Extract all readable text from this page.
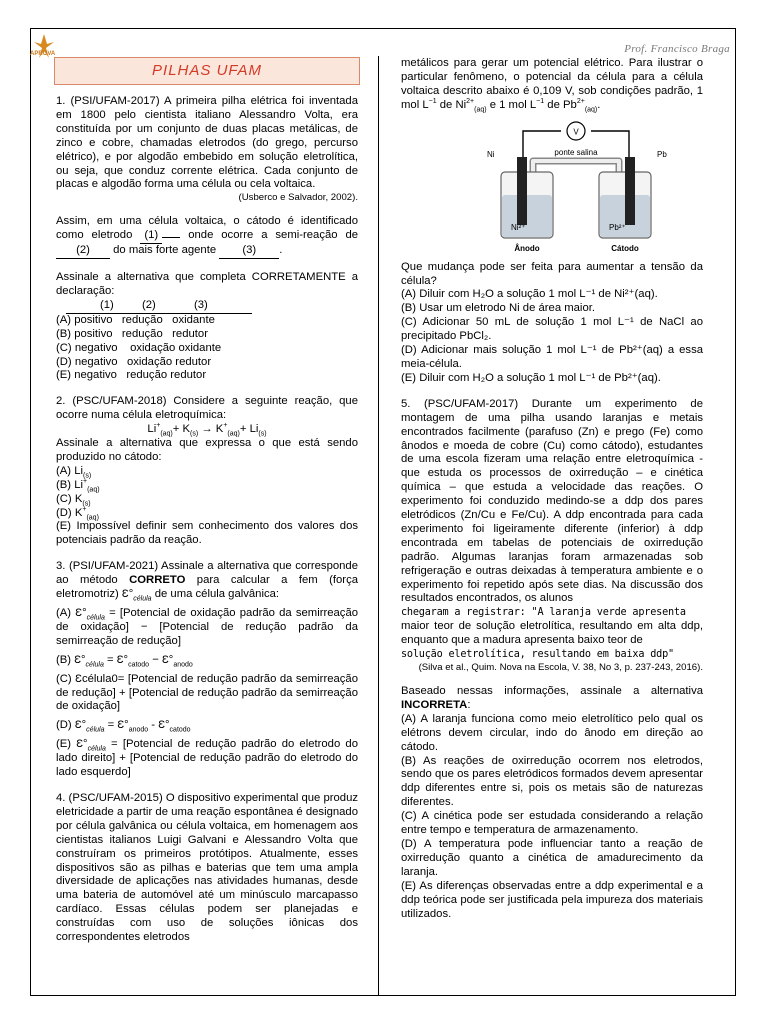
APROVA	Prof. Francisco Braga
PILHAS UFAM

1. (PSI/UFAM-2017) A primeira pilha elétrica foi inventada em 1800 pelo cientista italiano Alessandro Volta, era constituída por um conjunto de duas placas metálicas, de zinco e cobre, chamadas eletrodos (do grego, percurso elétrico), e por algodão embebido em solução eletrolítica, ou seja, que conduz corrente elétrica. Cada conjunto de placas e algodão forma uma célula ou cela voltaica.

(Usberco e Salvador, 2002).

Assim, em uma célula voltaica, o cátodo é identificado como eletrodo (1)	onde ocorre a semi-reação de(2) do mais forte agente (3) .

Assinale a alternativa que completa CORRETAMENTE a declaração:

(1) (2)	(3)
(A) positivo   redução   oxidante
(B) positivo   redução   redutor
(C) negativo    oxidação oxidante
(D) negativo   oxidação redutor
(E) negativo   redução redutor

2. (PSC/UFAM-2018) Considere a seguinte reação, que ocorre numa célula eletroquímica:

$Li^+_{(aq)}+ K_{(s)} \to K^+_{(aq)}+ Li_{(s)}$

Assinale a alternativa que expressa o que está sendo produzido no cátodo:

(A) $Li_{(s)}$
(B) $Li^+_{(aq)}$
(C) $K_{(s)}$
(D) $K^+_{(aq)}$

(E) Impossível definir sem conhecimento dos valores dos potenciais padrão da reação.

3. (PSI/UFAM-2021) Assinale a alternativa que corresponde ao método CORRETO para calcular a fem (força eletromotriz) $Ɛ^\circ_{célula}$ de uma célula galvânica:

(A) $Ɛ^\circ_{célula}$ = [Potencial de oxidação padrão da semirreação de oxidação] − [Potencial de redução padrão da semirreação de redução]

(B) $Ɛ^\circ_{célula}$ = $Ɛ^\circ_{catodo}$ − $Ɛ^\circ_{anodo}$

(C) Ɛcélula0= [Potencial de redução padrão da semirreação de redução] + [Potencial de redução padrão da semirreação de oxidação]

(D) $Ɛ^\circ_{célula}$ = $Ɛ^\circ_{anodo}$ - $Ɛ^\circ_{catodo}$

(E) $Ɛ^\circ_{célula}$ = [Potencial de redução padrão do eletrodo do lado direito] + [Potencial de redução padrão do eletrodo do lado esquerdo]

4. (PSC/UFAM-2015) O dispositivo experimental que produz eletricidade a partir de uma reação espontânea é designado por célula galvânica ou célula voltaica, em homenagem aos cientistas italianos Luigi Galvani e Alessandro Volta que construíram os primeiros protótipos. Atualmente, esses dispositivos são as pilhas e baterias que tem uma ampla diversidade de aplicações nas atividades humanas, desde uma bateria de automóvel até um minúsculo marcapasso cardíaco. Essas células podem ser planejadas e construídas com uso de soluções iônicas dos correspondentes eletrodos

metálicos para gerar um potencial elétrico. Para ilustrar o particular fenômeno, o potencial da célula para a célula voltaica descrito abaixo é 0,109 V, sob condições padrão, 1 mol $L^{-1}$ de $Ni^{2+}_{(aq)}$ e 1 mol $L^{-1}$ de $Pb^{2+}_{(aq)}$.

V
ponte salina
Ni	Pb
Ni²⁺	Pb²⁺
Ânodo	Cátodo

Que mudança pode ser feita para aumentar a tensão da célula?

(A) Diluir com H₂O a solução 1 mol L⁻¹ de Ni²⁺(aq).

(B) Usar um eletrodo Ni de área maior.

(C) Adicionar 50 mL de solução 1 mol L⁻¹ de NaCl ao precipitado PbCl₂.

(D) Adicionar mais solução 1 mol L⁻¹ de Pb²⁺(aq) a essa meia-célula.

(E) Diluir com H₂O a solução 1 mol L⁻¹ de Pb²⁺(aq).

5. (PSC/UFAM-2017) Durante um experimento de montagem de uma pilha usando laranjas e metais encontrados facilmente (parafuso (Zn) e prego (Fe) como ânodos e moeda de cobre (Cu) como cátodo), estudantes de uma escola fizeram uma relação entre eletroquímica - que estuda os processos de oxirredução – e cinética química – que estuda a velocidade das reações. O experimento foi conduzido medindo-se a ddp dos pares eletródicos (Zn/Cu e Fe/Cu). A ddp encontrada para cada experimento foi ligeiramente diferente (inferior) à ddp encontrada em tabelas de potenciais de oxirredução padrão. Algumas laranjas foram armazenadas sob refrigeração e outras deixadas à temperatura ambiente e o experimento foi repetido após sete dias. Na discussão dos resultados encontrados, os alunos

chegaram a registrar: "A laranja verde apresenta

maior teor de solução eletrolítica, resultando em alta ddp, enquanto que a madura apresenta baixo teor de

solução eletrolítica, resultando em baixa ddp"
(Silva et al., Quim. Nova na Escola, V. 38, No 3, p. 237-243, 2016).

Baseado nessas informações, assinale a alternativa INCORRETA:

(A) A laranja funciona como meio eletrolítico pelo qual os elétrons devem circular, indo do ânodo em direção ao cátodo.

(B) As reações de oxirredução ocorrem nos eletrodos, sendo que os pares eletródicos formados devem apresentar ddp diferentes entre si, pois os metais são de naturezas diferentes.

(C) A cinética pode ser estudada considerando a relação entre tempo e temperatura de armazenamento.

(D) A temperatura pode influenciar tanto a reação de oxirredução quanto a cinética de amadurecimento da laranja.

(E) As diferenças observadas entre a ddp experimental e a ddp teórica pode ser justificada pela impureza dos materiais utilizados.
